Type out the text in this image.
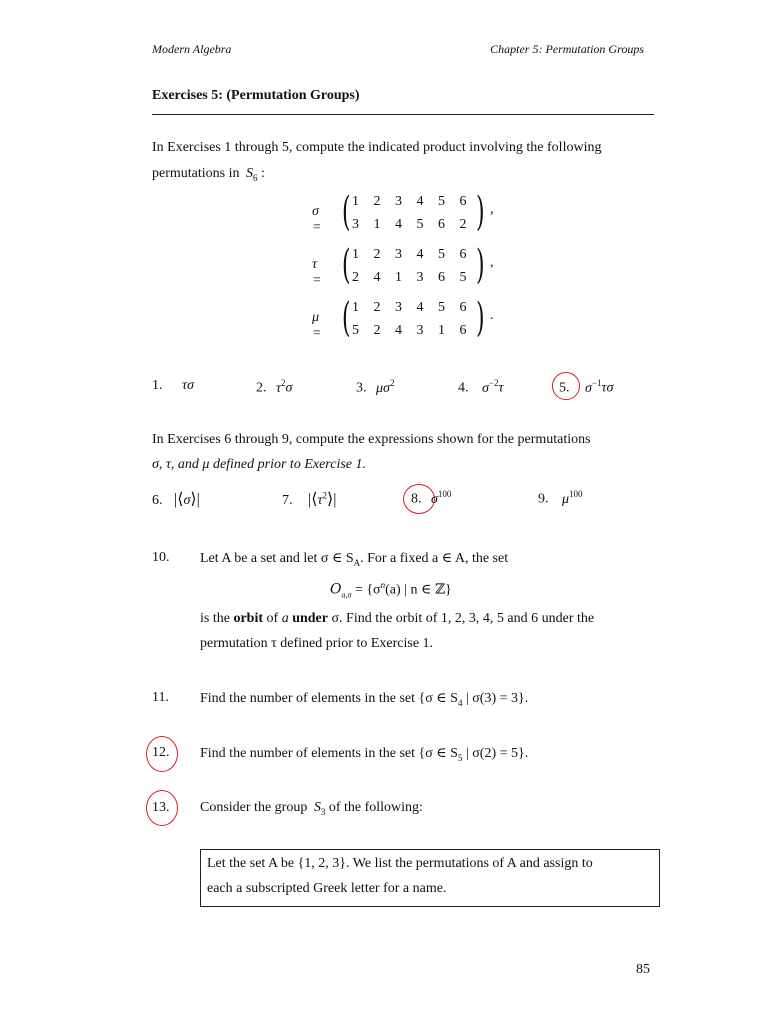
Modern Algebra	Chapter 5: Permutation Groups
Exercises 5: (Permutation Groups)
In Exercises 1 through 5, compute the indicated product involving the following
permutations in $S_6$ :
σ = ( 1	2	3	4	5	6
3	1	4	5	6	2 ) ,
τ = ( 1	2	3	4	5	6
2	4	1	3	6	5 ) ,
μ = ( 1	2	3	4	5	6
5	2	4	3	1	6 ) .
1. τσ	2. $\tau^2\sigma$	3. $\mu\sigma^2$	4. $\sigma^{-2}\tau$	5. $\sigma^{-1}\tau\sigma$
In Exercises 6 through 9, compute the expressions shown for the permutations
σ, τ, and μ defined prior to Exercise 1.
6. |⟨σ⟩|	7. $|⟨\tau^2⟩|$	8. $\sigma^{100}$	9. $\mu^{100}$
10. Let A be a set and let σ ∈ $S_A$. For a fixed a ∈ A, the set
$O_{a,\sigma} = \{\sigma^n(a)$ | n ∈ ℤ}
is the orbit of a under σ. Find the orbit of 1, 2, 3, 4, 5 and 6 under the
permutation τ defined prior to Exercise 1.
11. Find the number of elements in the set {σ ∈ $S_4$ | σ(3) = 3}.
12. Find the number of elements in the set {σ ∈ $S_5$ | σ(2) = 5}.
13. Consider the group $S_3$ of the following:
Let the set A be {1, 2, 3}. We list the permutations of A and assign to
each a subscripted Greek letter for a name.
85
